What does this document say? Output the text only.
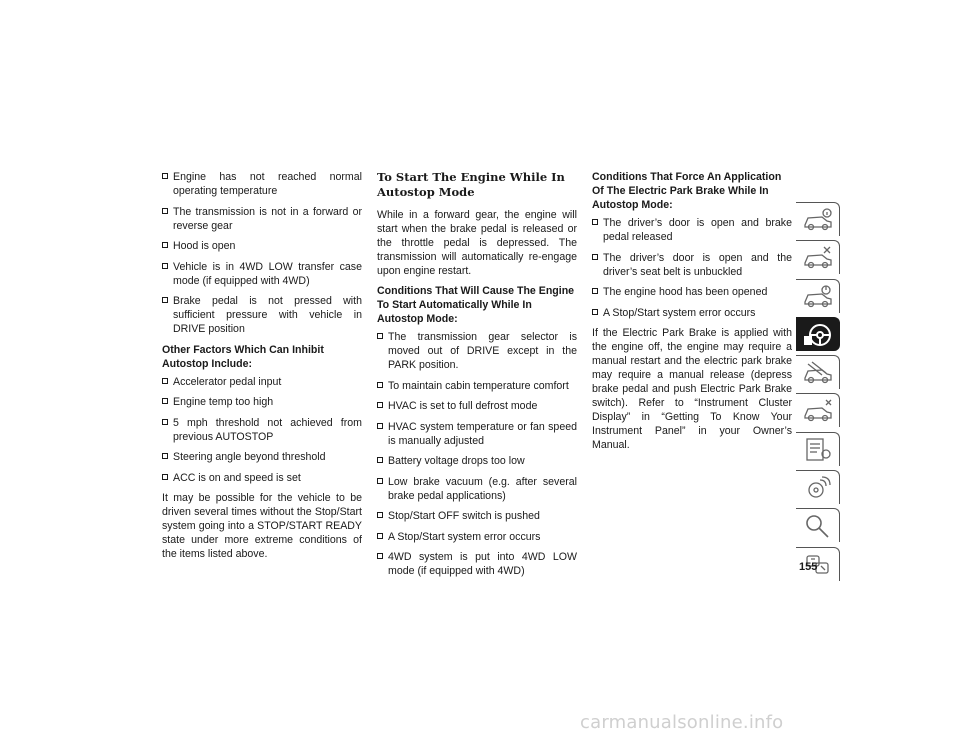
Engine has not reached normal operating temperature
The transmission is not in a forward or reverse gear
Hood is open
Vehicle is in 4WD LOW transfer case mode (if equipped with 4WD)
Brake pedal is not pressed with sufficient pressure with vehicle in DRIVE position
Other Factors Which Can Inhibit Autostop Include:
Accelerator pedal input
Engine temp too high
5 mph threshold not achieved from previous AUTOSTOP
Steering angle beyond threshold
ACC is on and speed is set
It may be possible for the vehicle to be driven several times without the Stop/Start system going into a STOP/START READY state under more extreme conditions of the items listed above.
To Start The Engine While In Autostop Mode
While in a forward gear, the engine will start when the brake pedal is released or the throttle pedal is depressed. The transmission will automatically re-engage upon engine restart.
Conditions That Will Cause The Engine To Start Automatically While In Autostop Mode:
The transmission gear selector is moved out of DRIVE except in the PARK position.
To maintain cabin temperature comfort
HVAC is set to full defrost mode
HVAC system temperature or fan speed is manually adjusted
Battery voltage drops too low
Low brake vacuum (e.g. after several brake pedal applications)
Stop/Start OFF switch is pushed
A Stop/Start system error occurs
4WD system is put into 4WD LOW mode (if equipped with 4WD)
Conditions That Force An Application Of The Electric Park Brake While In Autostop Mode:
The driver’s door is open and brake pedal released
The driver’s door is open and the driver’s seat belt is unbuckled
The engine hood has been opened
A Stop/Start system error occurs
If the Electric Park Brake is applied with the engine off, the engine may require a manual restart and the electric park brake may require a manual release (depress brake pedal and push Electric Park Brake switch). Refer to “Instrument Cluster Display” in “Getting To Know Your Instrument Panel” in your Owner’s Manual.
155
carmanualsonline.info
